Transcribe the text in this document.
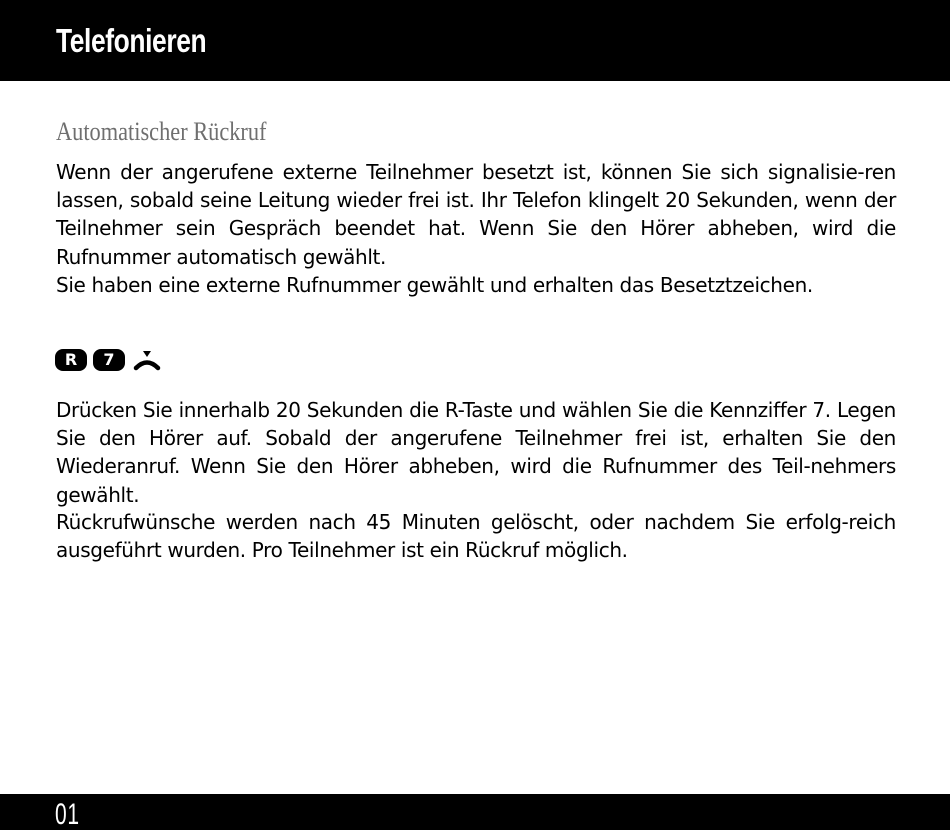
Telefonieren
Automatischer Rückruf

Wenn der angerufene externe Teilnehmer besetzt ist, können Sie sich signalisie-ren lassen, sobald seine Leitung wieder frei ist. Ihr Telefon klingelt 20 Sekunden, wenn der Teilnehmer sein Gespräch beendet hat. Wenn Sie den Hörer abheben, wird die Rufnummer automatisch gewählt.

Sie haben eine externe Rufnummer gewählt und erhalten das Besetztzeichen.

R	7

Drücken Sie innerhalb 20 Sekunden die R-Taste und wählen Sie die Kennziffer 7. Legen Sie den Hörer auf. Sobald der angerufene Teilnehmer frei ist, erhalten Sie den Wiederanruf. Wenn Sie den Hörer abheben, wird die Rufnummer des Teil-nehmers gewählt.

Rückrufwünsche werden nach 45 Minuten gelöscht, oder nachdem Sie erfolg-reich ausgeführt wurden. Pro Teilnehmer ist ein Rückruf möglich.

01
